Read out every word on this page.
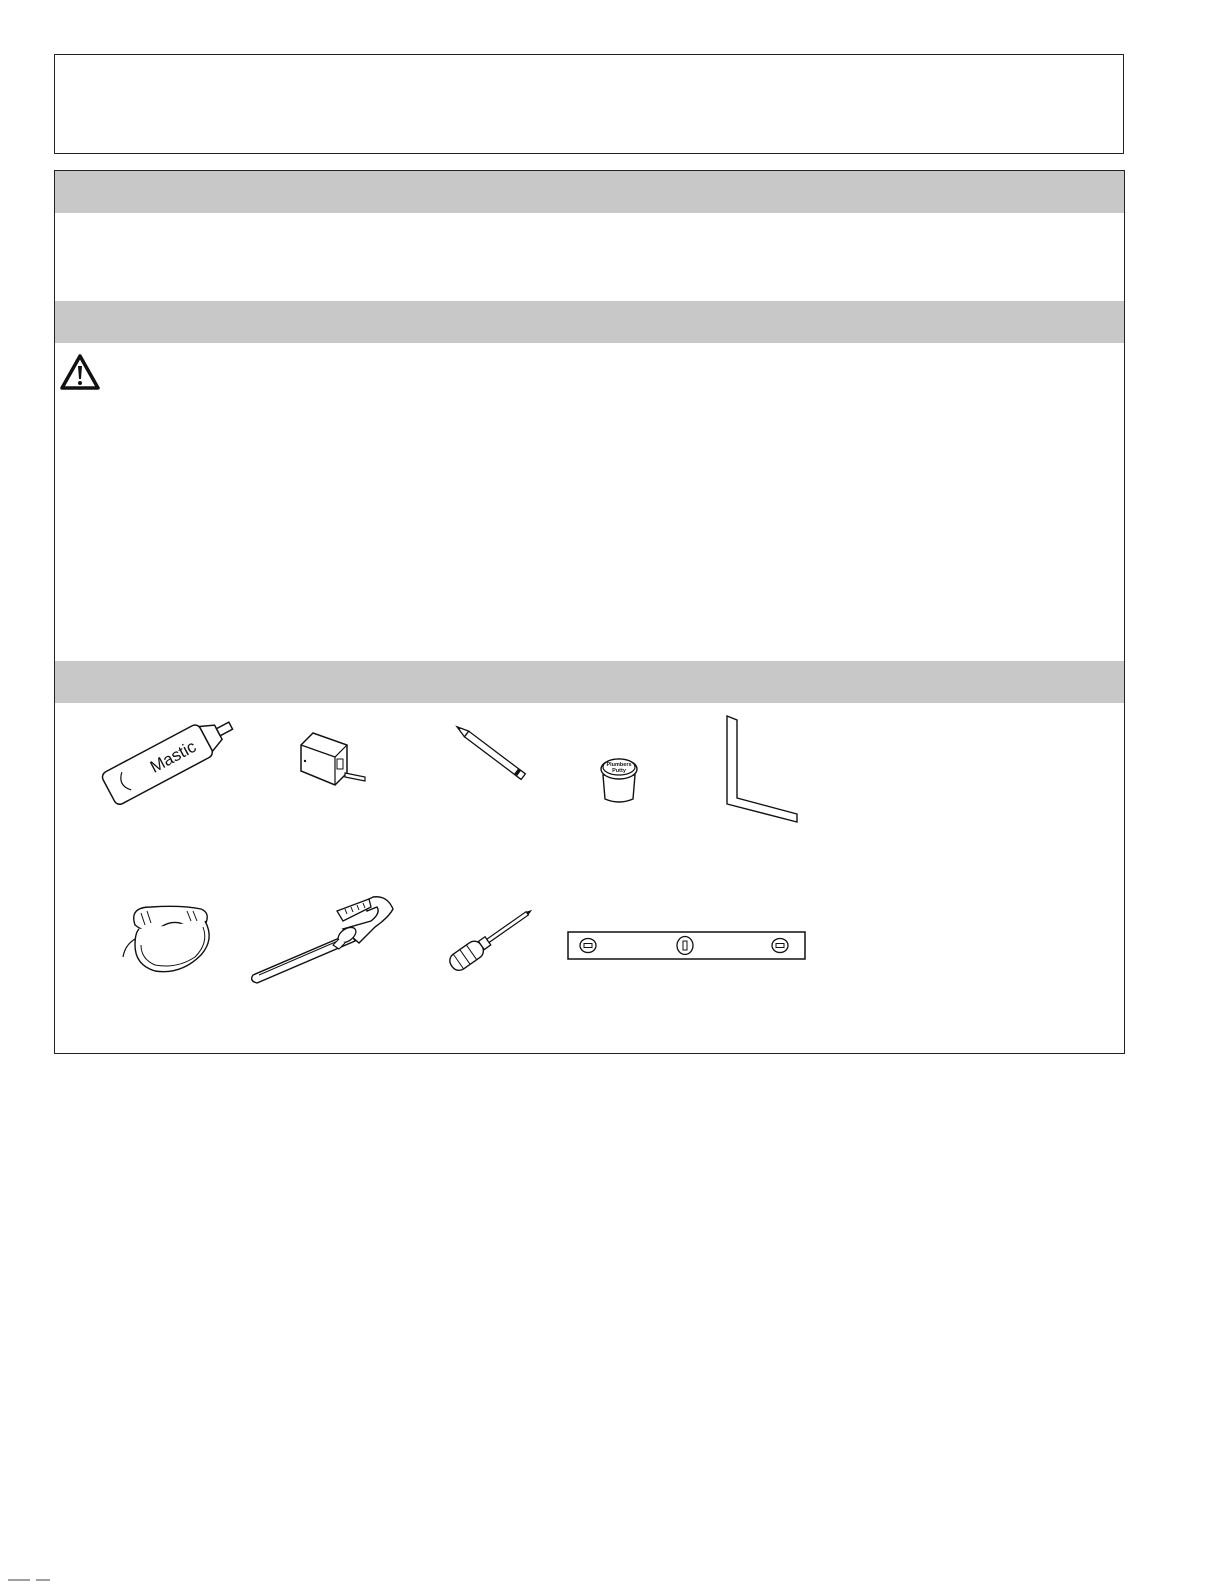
Mastic	Plumbers
Putty
